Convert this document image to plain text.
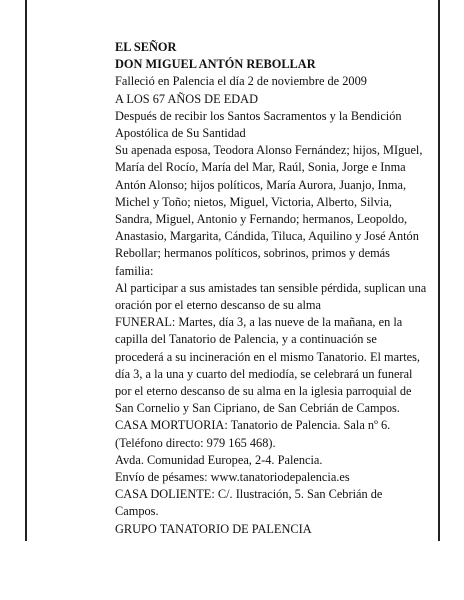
EL SEÑOR

DON MIGUEL ANTÓN REBOLLAR

Falleció en Palencia el día 2 de noviembre de 2009

A LOS 67 AÑOS DE EDAD

Después de recibir los Santos Sacramentos y la Bendición Apostólica de Su Santidad

Su apenada esposa, Teodora Alonso Fernández; hijos, MIguel, María del Rocío, María del Mar, Raúl, Sonia, Jorge e Inma Antón Alonso; hijos políticos, María Aurora, Juanjo, Inma, Michel y Toño; nietos, Miguel, Victoria, Alberto, Silvia, Sandra, Miguel, Antonio y Fernando; hermanos, Leopoldo, Anastasio, Margarita, Cándida, Tiluca, Aquilino y José Antón Rebollar; hermanos políticos, sobrinos, primos y demás familia:

Al participar a sus amistades tan sensible pérdida, suplican una oración por el eterno descanso de su alma

FUNERAL: Martes, día 3, a las nueve de la mañana, en la capilla del Tanatorio de Palencia, y a continuación se procederá a su incineración en el mismo Tanatorio. El martes, día 3, a la una y cuarto del mediodía, se celebrará un funeral por el eterno descanso de su alma en la iglesia parroquial de San Cornelio y San Cipriano, de San Cebrián de Campos.

CASA MORTUORIA: Tanatorio de Palencia. Sala nº 6. (Teléfono directo: 979 165 468).

Avda. Comunidad Europea, 2-4. Palencia.

Envío de pésames: www.tanatoriodepalencia.es

CASA DOLIENTE: C/. Ilustración, 5. San Cebrián de Campos.

GRUPO TANATORIO DE PALENCIA
